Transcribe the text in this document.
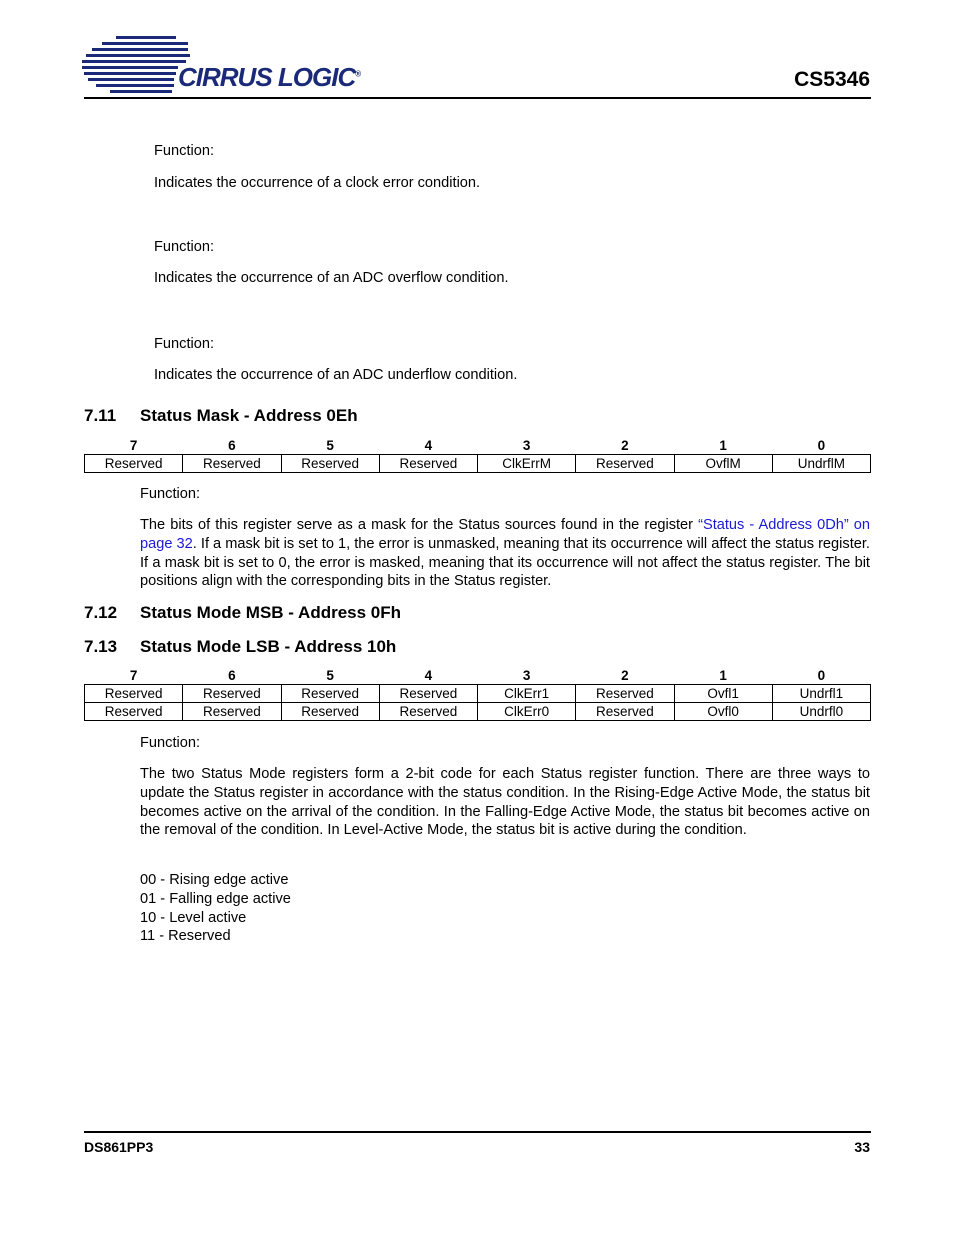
CIRRUS LOGIC®	CS5346
Function:
Indicates the occurrence of a clock error condition.
Function:
Indicates the occurrence of an ADC overflow condition.
Function:
Indicates the occurrence of an ADC underflow condition.
7.11 Status Mask - Address 0Eh
7	6	5	4	3	2	1	0
Reserved	Reserved	Reserved	Reserved	ClkErrM	Reserved	OvflM	UndrflM
Function:
The bits of this register serve as a mask for the Status sources found in the register “Status - Address 0Dh” on page 32. If a mask bit is set to 1, the error is unmasked, meaning that its occurrence will affect the status register. If a mask bit is set to 0, the error is masked, meaning that its occurrence will not affect the status register. The bit positions align with the corresponding bits in the Status register.
7.12 Status Mode MSB - Address 0Fh
7.13 Status Mode LSB - Address 10h
7	6	5	4	3	2	1	0
Reserved	Reserved	Reserved	Reserved	ClkErr1	Reserved	Ovfl1	Undrfl1
Reserved	Reserved	Reserved	Reserved	ClkErr0	Reserved	Ovfl0	Undrfl0
Function:
The two Status Mode registers form a 2-bit code for each Status register function. There are three ways to update the Status register in accordance with the status condition. In the Rising-Edge Active Mode, the status bit becomes active on the arrival of the condition. In the Falling-Edge Active Mode, the status bit becomes active on the removal of the condition. In Level-Active Mode, the status bit is active during the condition.
00 - Rising edge active
01 - Falling edge active
10 - Level active
11 - Reserved
DS861PP3	33
